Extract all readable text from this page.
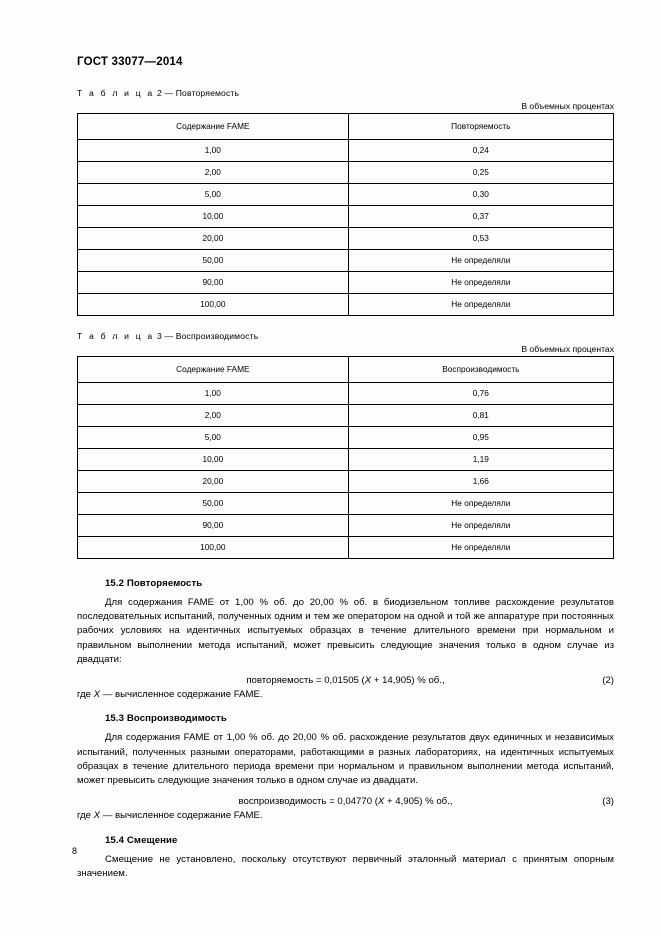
ГОСТ 33077—2014
Т а б л и ц а 2 — Повторяемость
В объемных процентах
Содержание FAME	Повторяемость
1,00	0,24
2,00	0,25
5,00	0,30
10,00	0,37
20,00	0,53
50,00	Не определяли
90,00	Не определяли
100,00	Не определяли
Т а б л и ц а 3 — Воспроизводимость
В объемных процентах
Содержание FAME	Воспроизводимость
1,00	0,76
2,00	0,81
5,00	0,95
10,00	1,19
20,00	1,66
50,00	Не определяли
90,00	Не определяли
100,00	Не определяли
15.2 Повторяемость

Для содержания FAME от 1,00 % об. до 20,00 % об. в биодизельном топливе расхождение результатов последовательных испытаний, полученных одним и тем же оператором на одной и той же аппаратуре при постоянных рабочих условиях на идентичных испытуемых образцах в течение длительного времени при нормальном и правильном выполнении метода испытаний, может превысить следующие значения только в одном случае из двадцати:

повторяемость = 0,01505 (X + 14,905) % об.,	(2)

где X — вычисленное содержание FAME.

15.3 Воспроизводимость

Для содержания FAME от 1,00 % об. до 20,00 % об. расхождение результатов двух единичных и независимых испытаний, полученных разными операторами, работающими в разных лабораториях, на идентичных испытуемых образцах в течение длительного периода времени при нормальном и правильном выполнении метода испытаний, может превысить следующие значения только в одном случае из двадцати.

воспроизводимость = 0,04770 (X + 4,905) % об.,	(3)

где X — вычисленное содержание FAME.

15.4 Смещение

Смещение не установлено, поскольку отсутствуют первичный эталонный материал с принятым опорным значением.

8
